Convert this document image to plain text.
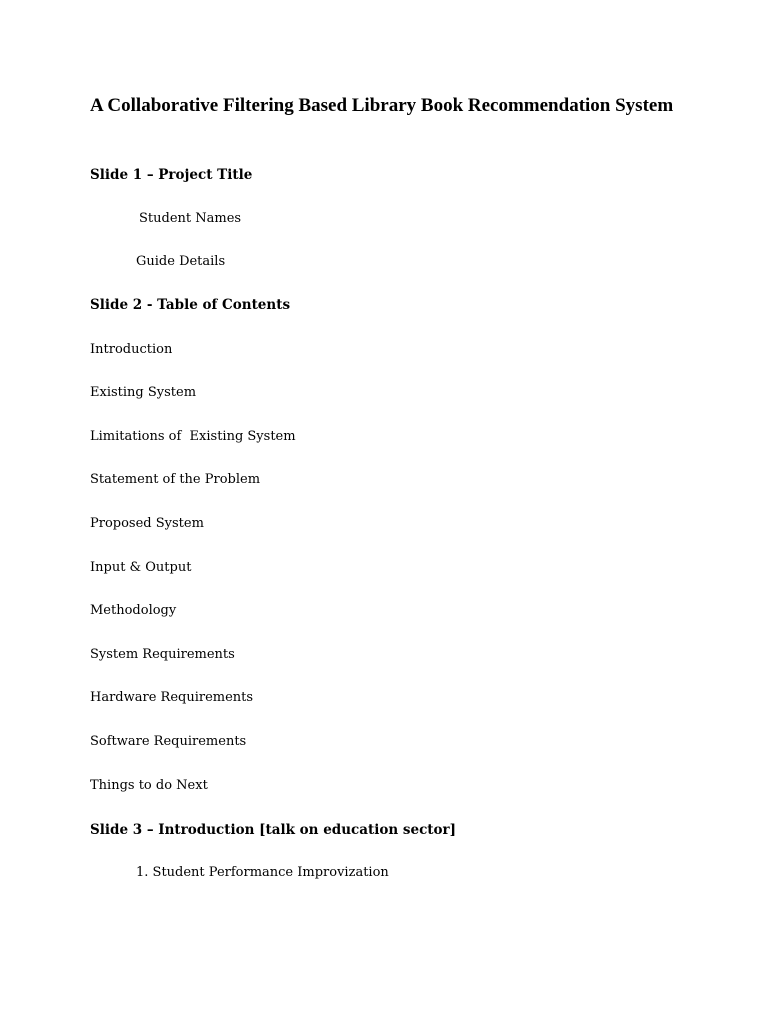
A Collaborative Filtering Based Library Book Recommendation System

Slide 1 – Project Title

Student Names

Guide Details

Slide 2 - Table of Contents

Introduction

Existing System

Limitations of  Existing System

Statement of the Problem

Proposed System

Input & Output

Methodology

System Requirements

Hardware Requirements

Software Requirements

Things to do Next

Slide 3 – Introduction [talk on education sector]

1. Student Performance Improvization
